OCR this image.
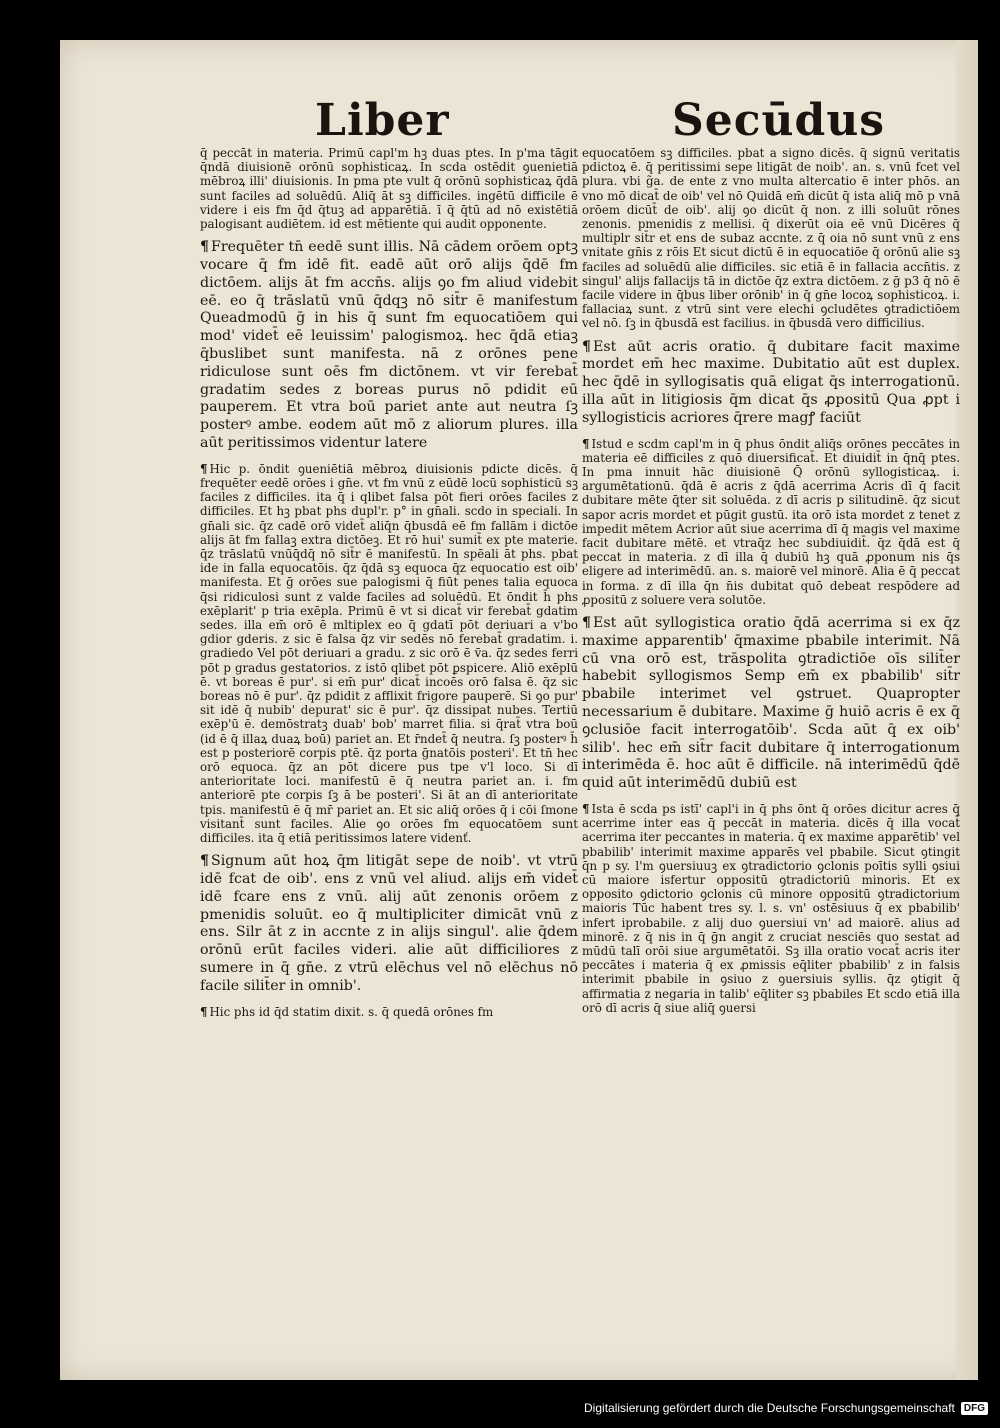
Liber	Secūdus

q̄ peccāt in materia. Primū capl'm hꝫ duas ptes. In p'ma tāgit q̄ndā diuisionē orōnū sophisticaꝝ. In scda ostēdit ꝯuenietiā mēbroꝝ illi' diuisionis. In pma pte vult q̄ orōnū sophisticaꝝ q̄dā sunt faciles ad soluēdū. Aliq̄ āt sꝫ difficiles. ingētū difficile ē videre i eis fm q̄d q̄tuꝫ ad apparētiā. ī q̄ q̄tū ad nō existētiā palogisant audiētem. id est mētiente qui audit opponente.

¶ Frequēter tn̄ eedē sunt illis. Nā cādem orōem optꝫ vocare q̄ fm idē fit. eadē aūt orō alijs q̄dē fm dictōem. alijs āt fm accn̄s. alijs ꝯo fm aliud videbit eē. eo q̄ trāslatū vnū q̄dqꝫ nō sit̄r ē manifestum Queadmodū ḡ in his q̄ sunt fm equocatiōem qui mod' videt̄ eē leuissim' palogismoꝝ. hec q̄dā etiaꝫ q̄buslibet sunt manifesta. nā z orōnes pene ridiculose sunt oēs fm dictōnem. vt vir ferebat̄ gradatim sedes z boreas purus nō pdidit eū pauperem. Et vtra boū pariet ante aut neutra ſꝫ posterꝰ ambe. eodem aūt mō z aliorum plures. illa aūt peritissimos videntur latere

¶ Hic p. ōndit ꝯueniētiā mēbroꝝ diuisionis pdicte dicēs. q̄ frequēter eedē orōes i gn̄e. vt fm vnū z eūdē locū sophisticū sꝫ faciles z difficiles. ita q̄ i qlibet falsa pōt fieri orōes faciles z difficiles. Et hꝫ pbat phs dupl'r. p° in gn̄ali. scdo in speciali. In gn̄ali sic. q̄z cadē orō videt̄ aliq̄n q̄busdā eē fm fallām i dictōe alijs āt fm fallaꝫ extra dictōeꝫ. Et rō hui' sumit̄ ex pte materie. q̄z trāslatū vnūq̄dq̄ nō sit̄r ē manifestū. In spēali āt phs. pbat ide in falla equocatōis. q̄z q̄dā sꝫ equoca q̄z equocatio est oib' manifesta. Et ḡ orōes sue palogismi q̄ fiūt penes talia equoca q̄si ridiculosi sunt z valde faciles ad soluēdū. Et ōndit h̄ phs exēplarit' p tria exēpla. Primū ē vt si dicat̄ vir ferebat̄ gdatim sedes. illa em̄ orō ē mltiplex eo q̄ gdatī pōt deriuari a v'bo gdior gderis. z sic ē falsa q̄z vir sedēs nō ferebat̄ gradatim. i. gradiedo Vel pōt deriuari a gradu. z sic orō ē v̄a. q̄z sedes ferri pōt p gradus gestatorios. z istō qlibet pōt ꝑspicere. Aliō exēplū ē. vt boreas ē pur'. si em̄ pur' dicat̄ incoēs orō falsa ē. q̄z sic boreas nō ē pur'. q̄z pdidit z afflixit frigore pauperē. Si ꝯo pur' sit idē q̄ nubib' depurat' sic ē pur'. q̄z dissipat nubes. Tertiū exēp'ū ē. demōstratꝫ duab' bob' marret filia. si q̄rat̄ vtra boū (id ē q̄ illaꝝ duaꝝ boū) pariet an. Et r̄ndet̄ q̄ neutra. ſꝫ posterꝰ h̄ est p posteriorē corpis ptē. q̄z porta ḡnatōis posteri'. Et tn̄ hec orō equoca. q̄z an pōt dicere pus tpe v'l loco. Si dī anterioritate loci. manifestū ē q̄ neutra pariet an. i. fm anteriorē pte corpis ſꝫ ā be posteri'. Si āt an dī anterioritate tpis. manifestū ē q̄ mr̄ pariet an. Et sic aliq̄ orōes q̄ i cōi ſmone visitant̄ sunt faciles. Alie ꝯo orōes fm equocatōem sunt difficiles. ita q̄ etiā peritissimos latere videnť.

¶ Signum aūt hoꝝ q̄m litigāt sepe de noib'. vt vtrū idē fcat de oib'. ens z vnū vel aliud. alijs em̄ videt̄ idē fcare ens z vnū. alij aūt zenonis orōem z pmenidis soluūt. eo q̄ multipliciter dimicāt vnū z ens. Silr āt z in accnte z in alijs singul'. alie q̄dem orōnū erūt faciles videri. alie aūt difficiliores z sumere in q̄ gn̄e. z vtrū elēchus vel nō elēchus nō facile silit̄er in omnib'.

¶ Hic phs id q̄d statim dixit. s. q̄ quedā orōnes fm

equocatōem sꝫ difficiles. pbat a signo dicēs. q̄ signū veritatis pdictoꝝ ē. q̄ peritissimi sepe litigāt de noib'. an. s. vnū fcet vel plura. vbi g̃a. de ente z vno multa altercatio ē inter phōs. an vno mō dicat̄ de oib' vel nō Quidā em̄ dicūt q̄ ista aliq̄ mō p vnā orōem dicūt̄ de oib'. alij ꝯo dicūt q̄ non. z illi soluūt rōnes zenonis. pmenidis z mellisi. q̄ dixerūt oia eē vnū Dicēres q̄ multiplr sit̄r et ens de subaz accnte. z q̄ oia nō sunt vnū z ens vnitate gn̄is z rōis Et sicut dictū ē in equocatiōe q̄ orōnū alie sꝫ faciles ad soluēdū alie difficiles. sic etiā ē in fallacia accn̄tis. z singul' alijs fallacijs tā in dictōe q̄z extra dictōem. z ḡ p3 q̄ nō ē facile videre in q̄bus liber orōnib' in q̄ gn̄e locoꝝ sophisticoꝝ. i. fallaciaꝝ sunt. z vtrū sint vere elechi ꝯcludētes ꝯtradictiōem vel nō. ſꝫ in q̄busdā est facilius. in q̄busdā vero difficilius.

¶ Est aūt acris oratio. q̄ dubitare facit maxime mordet em̄ hec maxime. Dubitatio aūt est duplex. hec q̄dē in syllogisatis quā eligat q̄s interrogationū. illa aūt in litigiosis q̄m dicat q̄s ꝓpositū Qua ꝓpt i syllogisticis acriores q̄rere magꝭ faciūt

¶ Istud e scdm capl'm in q̄ phus ōndit aliq̄s orōnes peccātes in materia eē difficiles z quō diuersificat̄. Et diuidit̄ in q̄nq̄ ptes. In pma innuit hāc diuisionē Q̄ orōnū syllogisticaꝝ. i. argumētationū. q̄dā ē acris z q̄dā acerrima Acris dī q̄ facit dubitare mēte q̄ter sit soluēda. z dī acris p silitudinē. q̄z sicut sapor acris mordet et pūgit gustū. ita orō ista mordet z tenet z impedit mētem Acrior aūt siue acerrima dī q̄ magis vel maxime facit dubitare mētē. et vtraq̄z hec subdiuidit̄. q̄z q̄dā est q̄ peccat in materia. z dī illa q̄ dubiū hꝫ quā ꝓponum nis q̄s eligere ad interimēdū. an. s. maiorē vel minorē. Alia ē q̄ peccat in forma. z dī illa q̄n n̄is dubitat quō debeat respōdere ad ꝓpositū z soluere vera solutōe.

¶ Est aūt syllogistica oratio q̄dā acerrima si ex q̄z maxime apparentib' q̄maxime pbabile interimit. Nā cū vna orō est, trāspolita ꝯtradictiōe oīs silit̄er habebit syllogismos Semp em̄ ex pbabilib' sit̄r pbabile interimet vel ꝯstruet. Quapropter necessarium ē dubitare. Maxime ḡ huiō acris ē ex q̄ ꝯclusiōe facit interrogatōib'. Scda aūt q̄ ex oib' silib'. hec em̄ sit̄r facit dubitare q̄ interrogationum interimēda ē. hoc aūt ē difficile. nā interimēdū q̄dē quid aūt interimēdū dubiū est

¶ Ista ē scda ps istī' capl'i in q̄ phs ōnt q̄ orōes dicitur acres q̄ acerrime inter eas q̄ peccāt in materia. dicēs q̄ illa vocat̄ acerrima iter peccantes in materia. q̄ ex maxime apparētib' vel pbabilib' interimit maxime apparēs vel pbabile. Sicut ꝯtingit q̄n p sy. l'm ꝯuersiuuꝫ ex ꝯtradictorio ꝯclonis poītis sylli ꝯsiui cū maiore isfertur oppositū ꝯtradictoriū minoris. Et ex opposito ꝯdictorio ꝯclonis cū minore oppositū ꝯtradictorium maioris Tūc habent tres sy. l. s. vn' ostēsiuus q̄ ex pbabilib' infert iprobabile. z alij duo ꝯuersiui vn' ad maiorē. alius ad minorē. z q̄ nis in q̄ ḡn angit z cruciat nesciēs quo sestat ad mūdū talī orōi siue argumētatōi. Sꝫ illa oratio vocat̄ acris iter peccātes i materia q̄ ex ꝓmissis eq̄liter pbabilib' z in falsis interimit pbabile in ꝯsiuo z ꝯuersiuis syllis. q̄z ꝯtigit q̄ affirmatia z negaria in talib' eq̄liter sꝫ pbabiles Et scdo etiā illa orō dī acris q̄ siue aliq̄ ꝯuersi

Digitalisierung gefördert durch die Deutsche Forschungsgemeinschaft DFG
